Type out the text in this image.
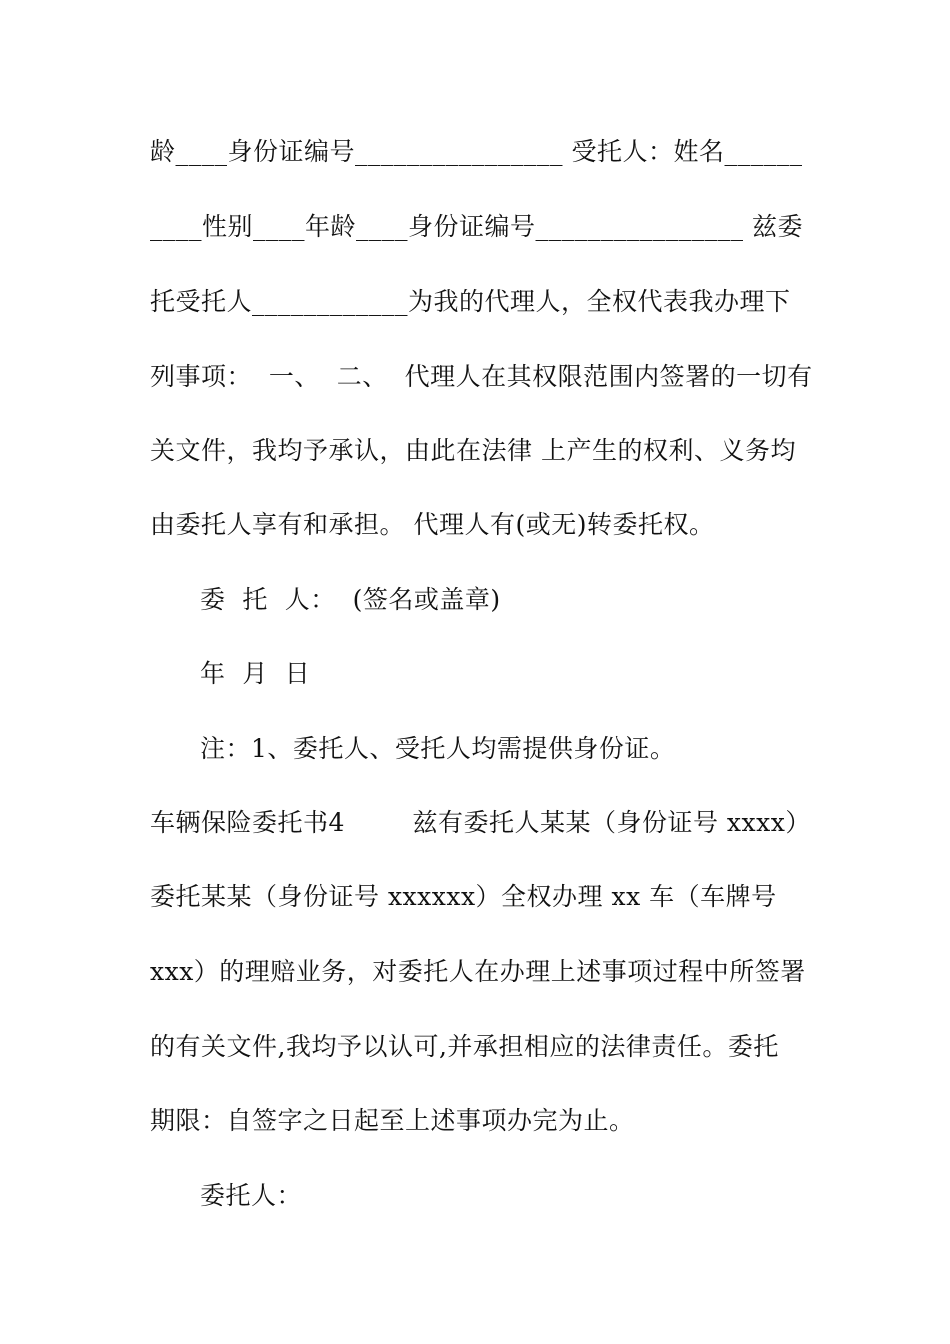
龄____身份证编号________________ 受托人：姓名______
____性别____年龄____身份证编号________________ 兹委
托受托人____________为我的代理人，全权代表我办理下
列事项：  一、  二、  代理人在其权限范围内签署的一切有
关文件，我均予承认，由此在法律 上产生的权利、义务均
由委托人享有和承担。 代理人有(或无)转委托权。
委  托  人：  (签名或盖章)
年  月  日
注：1、委托人、受托人均需提供身份证。
车辆保险委托书4        兹有委托人某某（身份证号 xxxx）
委托某某（身份证号 xxxxxx）全权办理 xx 车（车牌号
xxx）的理赔业务，对委托人在办理上述事项过程中所签署
的有关文件,我均予以认可,并承担相应的法律责任。委托
期限：自签字之日起至上述事项办完为止。
委托人：
